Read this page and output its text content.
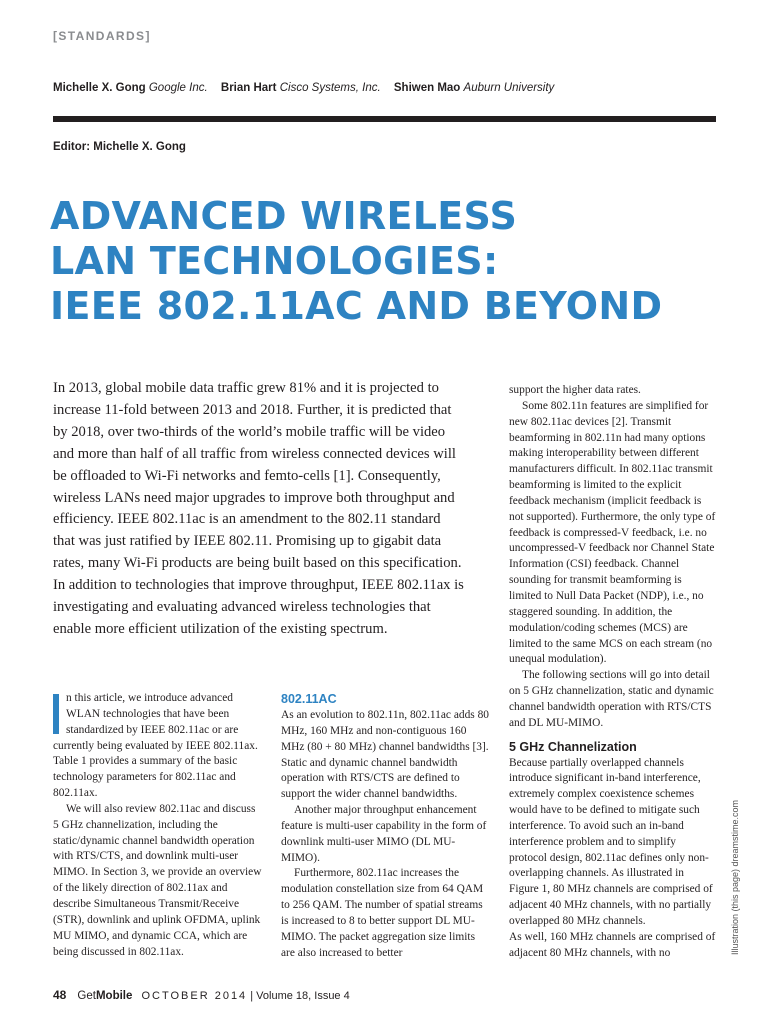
[STANDARDS]
Michelle X. Gong Google Inc. Brian Hart Cisco Systems, Inc. Shiwen Mao Auburn University
Editor: Michelle X. Gong
ADVANCED WIRELESS
LAN TECHNOLOGIES:
IEEE 802.11AC AND BEYOND

In 2013, global mobile data traffic grew 81% and it is projected to increase 11-fold between 2013 and 2018. Further, it is predicted that by 2018, over two-thirds of the world’s mobile traffic will be video and more than half of all traffic from wireless connected devices will be offloaded to Wi-Fi networks and femto-cells [1]. Consequently, wireless LANs need major upgrades to improve both throughput and efficiency. IEEE 802.11ac is an amendment to the 802.11 standard that was just ratified by IEEE 802.11. Promising up to gigabit data rates, many Wi-Fi products are being built based on this specification. In addition to technologies that improve throughput, IEEE 802.11ax is investigating and evaluating advanced wireless technologies that enable more efficient utilization of the existing spectrum.

n this article, we introduce advanced WLAN technologies that have been standardized by IEEE 802.11ac or are currently being evaluated by IEEE 802.11ax. Table 1 provides a summary of the basic technology parameters for 802.11ac and 802.11ax.

We will also review 802.11ac and discuss 5 GHz channelization, including the static/dynamic channel bandwidth operation with RTS/CTS, and downlink multi-user MIMO. In Section 3, we provide an overview of the likely direction of 802.11ax and describe Simultaneous Transmit/Receive (STR), downlink and uplink OFDMA, uplink MU MIMO, and dynamic CCA, which are being discussed in 802.11ax.

802.11AC

As an evolution to 802.11n, 802.11ac adds 80 MHz, 160 MHz and non-contiguous 160 MHz (80 + 80 MHz) channel bandwidths [3]. Static and dynamic channel bandwidth operation with RTS/CTS are defined to support the wider channel bandwidths.

Another major throughput enhancement feature is multi-user capability in the form of downlink multi-user MIMO (DL MU-MIMO).

Furthermore, 802.11ac increases the modulation constellation size from 64 QAM to 256 QAM. The number of spatial streams is increased to 8 to better support DL MU-MIMO. The packet aggregation size limits are also increased to better

support the higher data rates.

Some 802.11n features are simplified for new 802.11ac devices [2]. Transmit beamforming in 802.11n had many options making interoperability between different manufacturers difficult. In 802.11ac transmit beamforming is limited to the explicit feedback mechanism (implicit feedback is not supported). Furthermore, the only type of feedback is compressed-V feedback, i.e. no uncompressed-V feedback nor Channel State Information (CSI) feedback. Channel sounding for transmit beamforming is limited to Null Data Packet (NDP), i.e., no staggered sounding. In addition, the modulation/coding schemes (MCS) are limited to the same MCS on each stream (no unequal modulation).

The following sections will go into detail on 5 GHz channelization, static and dynamic channel bandwidth operation with RTS/CTS and DL MU-MIMO.

5 GHz Channelization

Because partially overlapped channels introduce significant in-band interference, extremely complex coexistence schemes would have to be defined to mitigate such interference. To avoid such an in-band interference problem and to simplify protocol design, 802.11ac defines only non-overlapping channels. As illustrated in Figure 1, 80 MHz channels are comprised of adjacent 40 MHz channels, with no partially overlapped 80 MHz channels.

As well, 160 MHz channels are comprised of adjacent 80 MHz channels, with no	Illustration (this page) dreamstime.com
48 GetMobile OCTOBER 2014 | Volume 18, Issue 4
